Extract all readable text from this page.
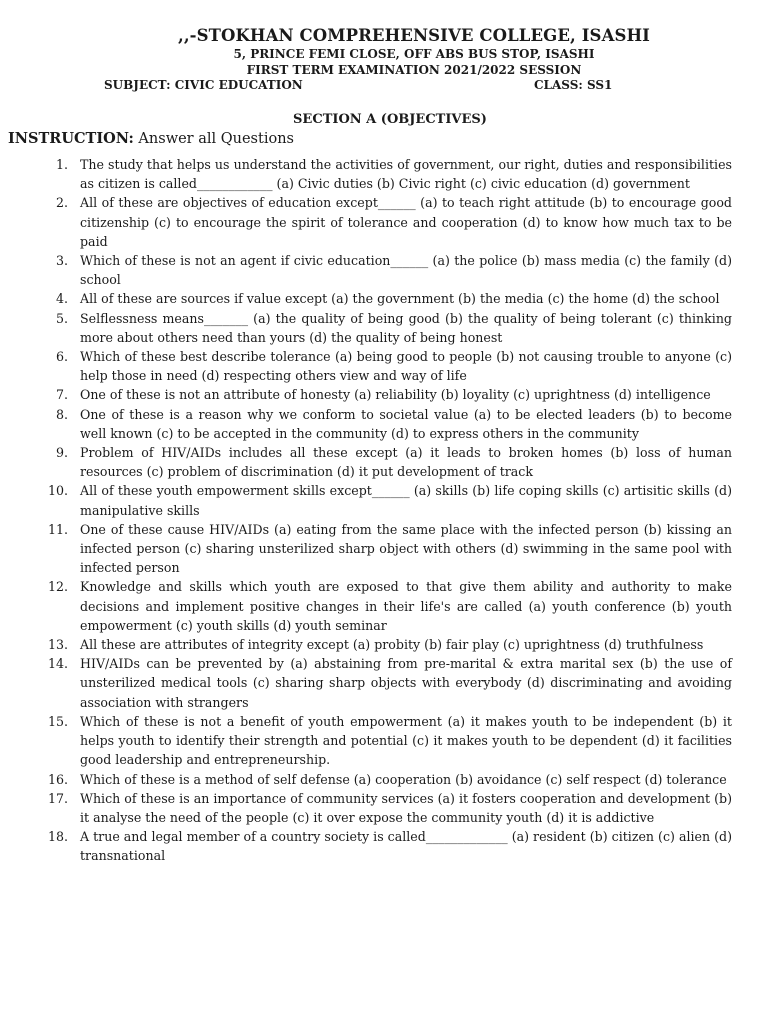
,,-STOKHAN COMPREHENSIVE COLLEGE, ISASHI
5, PRINCE FEMI CLOSE, OFF ABS BUS STOP, ISASHI
FIRST TERM EXAMINATION 2021/2022 SESSION
SUBJECT: CIVIC EDUCATION	CLASS: SS1
SECTION A (OBJECTIVES)
INSTRUCTION: Answer all Questions
1. The study that helps us understand the activities of government, our right, duties and responsibilities as citizen is called____________ (a) Civic duties (b) Civic right (c) civic education (d) government
2. All of these are objectives of education except______ (a) to teach right attitude (b) to encourage good citizenship (c) to encourage the spirit of tolerance and cooperation (d) to know how much tax to be paid
3. Which of these is not an agent if civic education______ (a) the police (b) mass media (c) the family (d) school
4. All of these are sources if value except (a) the government (b) the media (c) the home (d) the school
5. Selflessness means_______ (a) the quality of being good (b) the quality of being tolerant (c) thinking more about others need than yours (d) the quality of being honest
6. Which of these best describe tolerance (a) being good to people (b) not causing trouble to anyone (c) help those in need (d) respecting others view and way of life
7. One of these is not an attribute of honesty (a) reliability (b) loyality (c) uprightness (d) intelligence
8. One of these is a reason why we conform to societal value (a) to be elected leaders (b) to become well known (c) to be accepted in the community (d) to express others in the community
9. Problem of HIV/AIDs includes all these except (a) it leads to broken homes (b) loss of human resources (c) problem of discrimination (d) it put development of track
10. All of these youth empowerment skills except______ (a) skills (b) life coping skills (c) artisitic skills (d) manipulative skills
11. One of these cause HIV/AIDs (a) eating from the same place with the infected person (b) kissing an infected person (c) sharing unsterilized sharp object with others (d) swimming in the same pool with infected person
12. Knowledge and skills which youth are exposed to that give them ability and authority to make decisions and implement positive changes in their life's are called (a) youth conference (b) youth empowerment (c) youth skills (d) youth seminar
13. All these are attributes of integrity except (a) probity (b) fair play (c) uprightness (d) truthfulness
14. HIV/AIDs can be prevented by (a) abstaining from pre-marital & extra marital sex (b) the use of unsterilized medical tools (c) sharing sharp objects with everybody (d) discriminating and avoiding association with strangers
15. Which of these is not a benefit of youth empowerment (a) it makes youth to be independent (b) it helps youth to identify their strength and potential (c) it makes youth to be dependent (d) it facilities good leadership and entrepreneurship.
16. Which of these is a method of self defense (a) cooperation (b) avoidance (c) self respect (d) tolerance
17. Which of these is an importance of community services (a) it fosters cooperation and development (b) it analyse the need of the people (c) it over expose the community youth (d) it is addictive
18. A true and legal member of a country society is called_____________ (a) resident (b) citizen (c) alien (d) transnational
